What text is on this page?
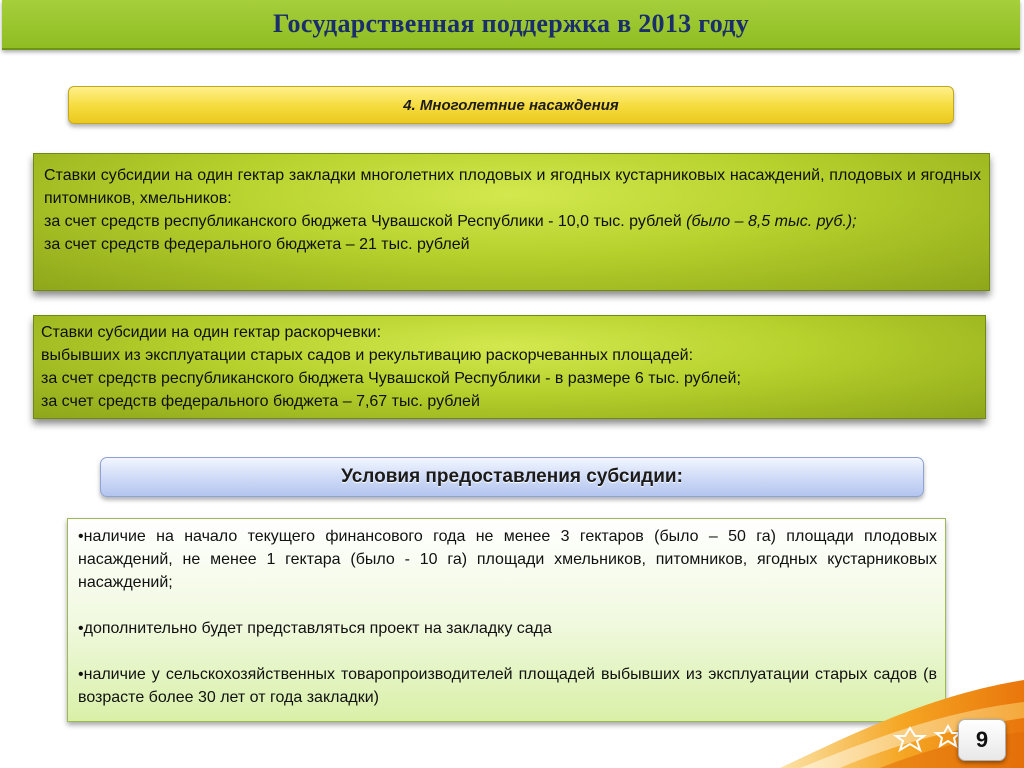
Государственная поддержка в 2013 году
4. Многолетние насаждения

Ставки субсидии на один гектар закладки многолетних плодовых и ягодных кустарниковых насаждений, плодовых и ягодных питомников, хмельников:

за счет средств республиканского бюджета Чувашской Республики - 10,0 тыс. рублей (было – 8,5 тыс. руб.);

за счет средств федерального бюджета – 21 тыс. рублей

Ставки субсидии на один гектар раскорчевки:

выбывших из эксплуатации старых садов и рекультивацию раскорчеванных площадей:

за счет средств республиканского бюджета Чувашской Республики - в размере 6 тыс. рублей;

за счет средств федерального бюджета – 7,67 тыс. рублей

Условия предоставления субсидии:

•наличие на начало текущего финансового года не менее 3 гектаров (было – 50 га) площади плодовых насаждений, не менее 1 гектара (было - 10 га) площади хмельников, питомников, ягодных кустарниковых насаждений;

•дополнительно будет представляться проект на закладку сада

•наличие у сельскохозяйственных товаропроизводителей площадей выбывших из эксплуатации старых садов (в возрасте более 30 лет от года закладки)

9
